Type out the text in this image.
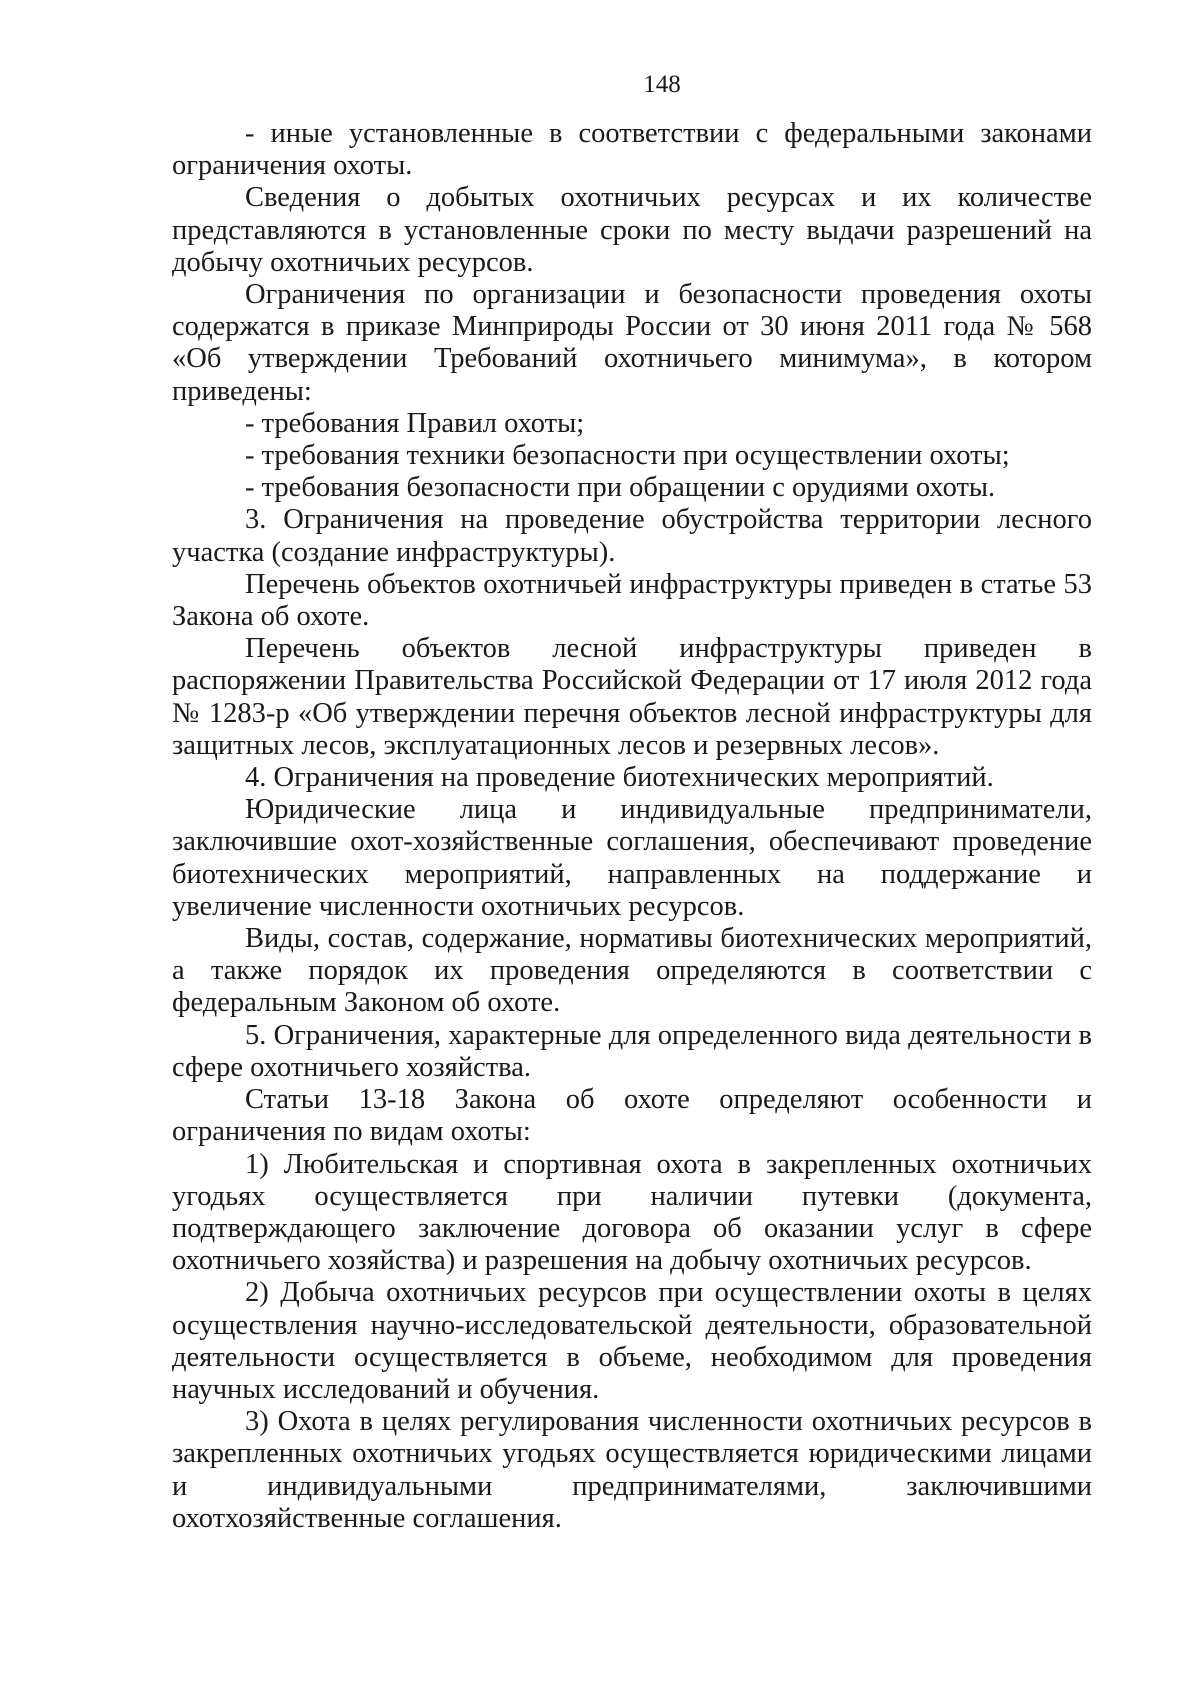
148

- иные установленные в соответствии с федеральными законами ограничения охоты.

Сведения о добытых охотничьих ресурсах и их количестве представляются в установленные сроки по месту выдачи разрешений на добычу охотничьих ресурсов.

Ограничения по организации и безопасности проведения охоты содержатся в приказе Минприроды России от 30 июня 2011 года № 568 «Об утверждении Требований охотничьего минимума», в котором приведены:

- требования Правил охоты;

- требования техники безопасности при осуществлении охоты;

- требования безопасности при обращении с орудиями охоты.

3. Ограничения на проведение обустройства территории лесного участка (создание инфраструктуры).

Перечень объектов охотничьей инфраструктуры приведен в статье 53 Закона об охоте.

Перечень объектов лесной инфраструктуры приведен в распоряжении Правительства Российской Федерации от 17 июля 2012 года № 1283-р «Об утверждении перечня объектов лесной инфраструктуры для защитных лесов, эксплуатационных лесов и резервных лесов».

4. Ограничения на проведение биотехнических мероприятий.

Юридические лица и индивидуальные предприниматели, заключившие охот-хозяйственные соглашения, обеспечивают проведение биотехнических мероприятий, направленных на поддержание и увеличение численности охотничьих ресурсов.

Виды, состав, содержание, нормативы биотехнических мероприятий, а также порядок их проведения определяются в соответствии с федеральным Законом об охоте.

5. Ограничения, характерные для определенного вида деятельности в сфере охотничьего хозяйства.

Статьи 13-18 Закона об охоте определяют особенности и ограничения по видам охоты:

1) Любительская и спортивная охота в закрепленных охотничьих угодьях осуществляется при наличии путевки (документа, подтверждающего заключение договора об оказании услуг в сфере охотничьего хозяйства) и разрешения на добычу охотничьих ресурсов.

2) Добыча охотничьих ресурсов при осуществлении охоты в целях осуществления научно-исследовательской деятельности, образовательной деятельности осуществляется в объеме, необходимом для проведения научных исследований и обучения.

3) Охота в целях регулирования численности охотничьих ресурсов в закрепленных охотничьих угодьях осуществляется юридическими лицами и индивидуальными предпринимателями, заключившими охотхозяйственные соглашения.
